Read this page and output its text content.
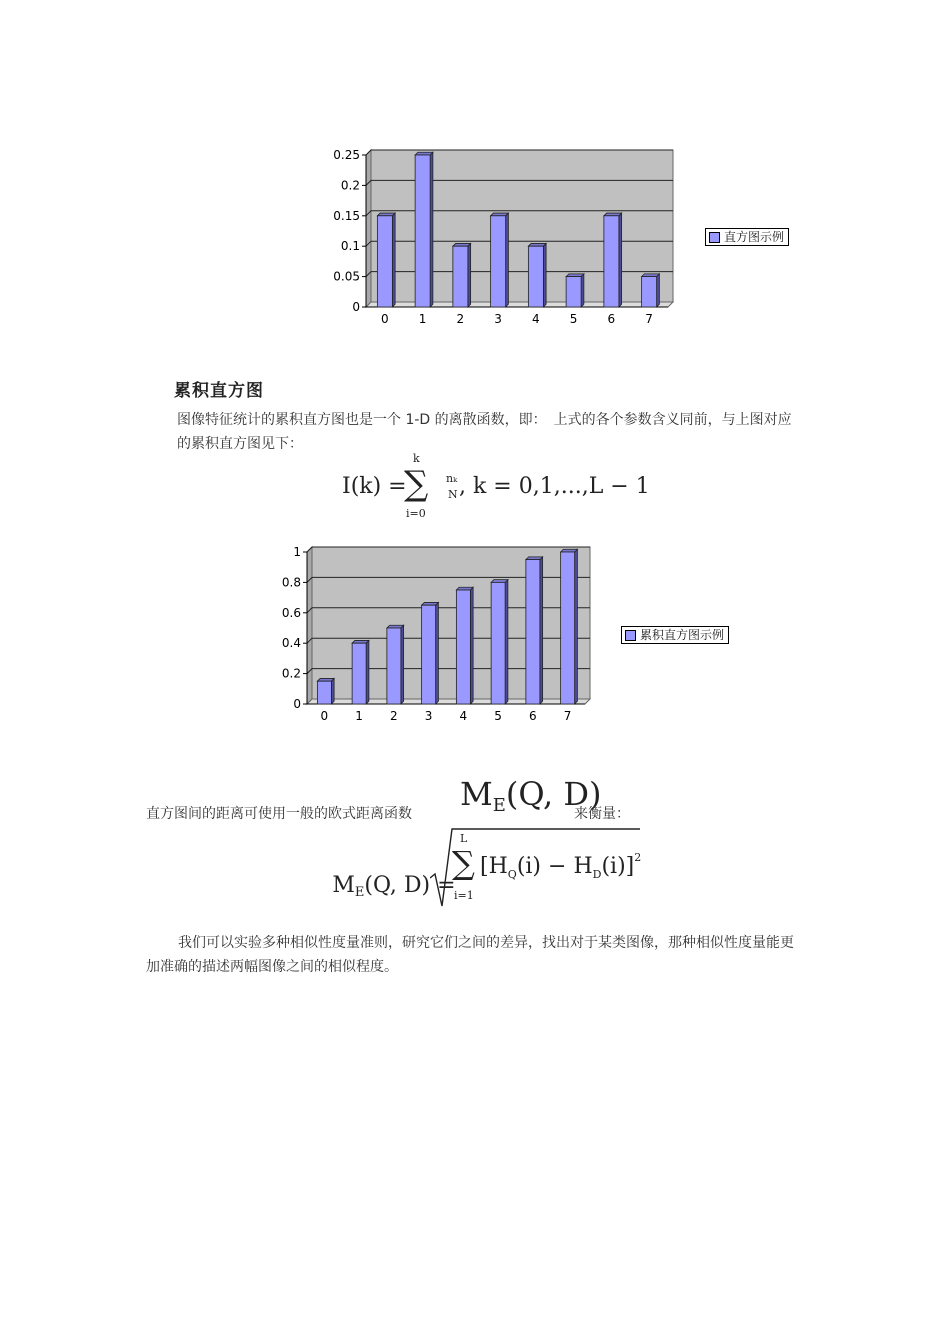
0
0.05
0.1
0.15
0.2
0.25
0	1	2	3	4	5	6	7
直方图示例
累积直方图
图像特征统计的累积直方图也是一个 1-D 的离散函数，即：　上式的各个参数含义同前，与上图对应的累积直方图见下：
I(k) =
k
∑
i=0
nₖ
N , k = 0,1,...,L − 1
0
0.2
0.4
0.6
0.8
1
0 1 2 3 4 5 6 7
累积直方图示例
直方图间的距离可使用一般的欧式距离函数
ME(Q, D)
来衡量：

$M_E(Q$, D) =

L
∑
i=1
$[H_Q(i) - H_D(i)]^2$
我们可以实验多种相似性度量准则，研究它们之间的差异，找出对于某类图像，那种相似性度量能更加准确的描述两幅图像之间的相似程度。
